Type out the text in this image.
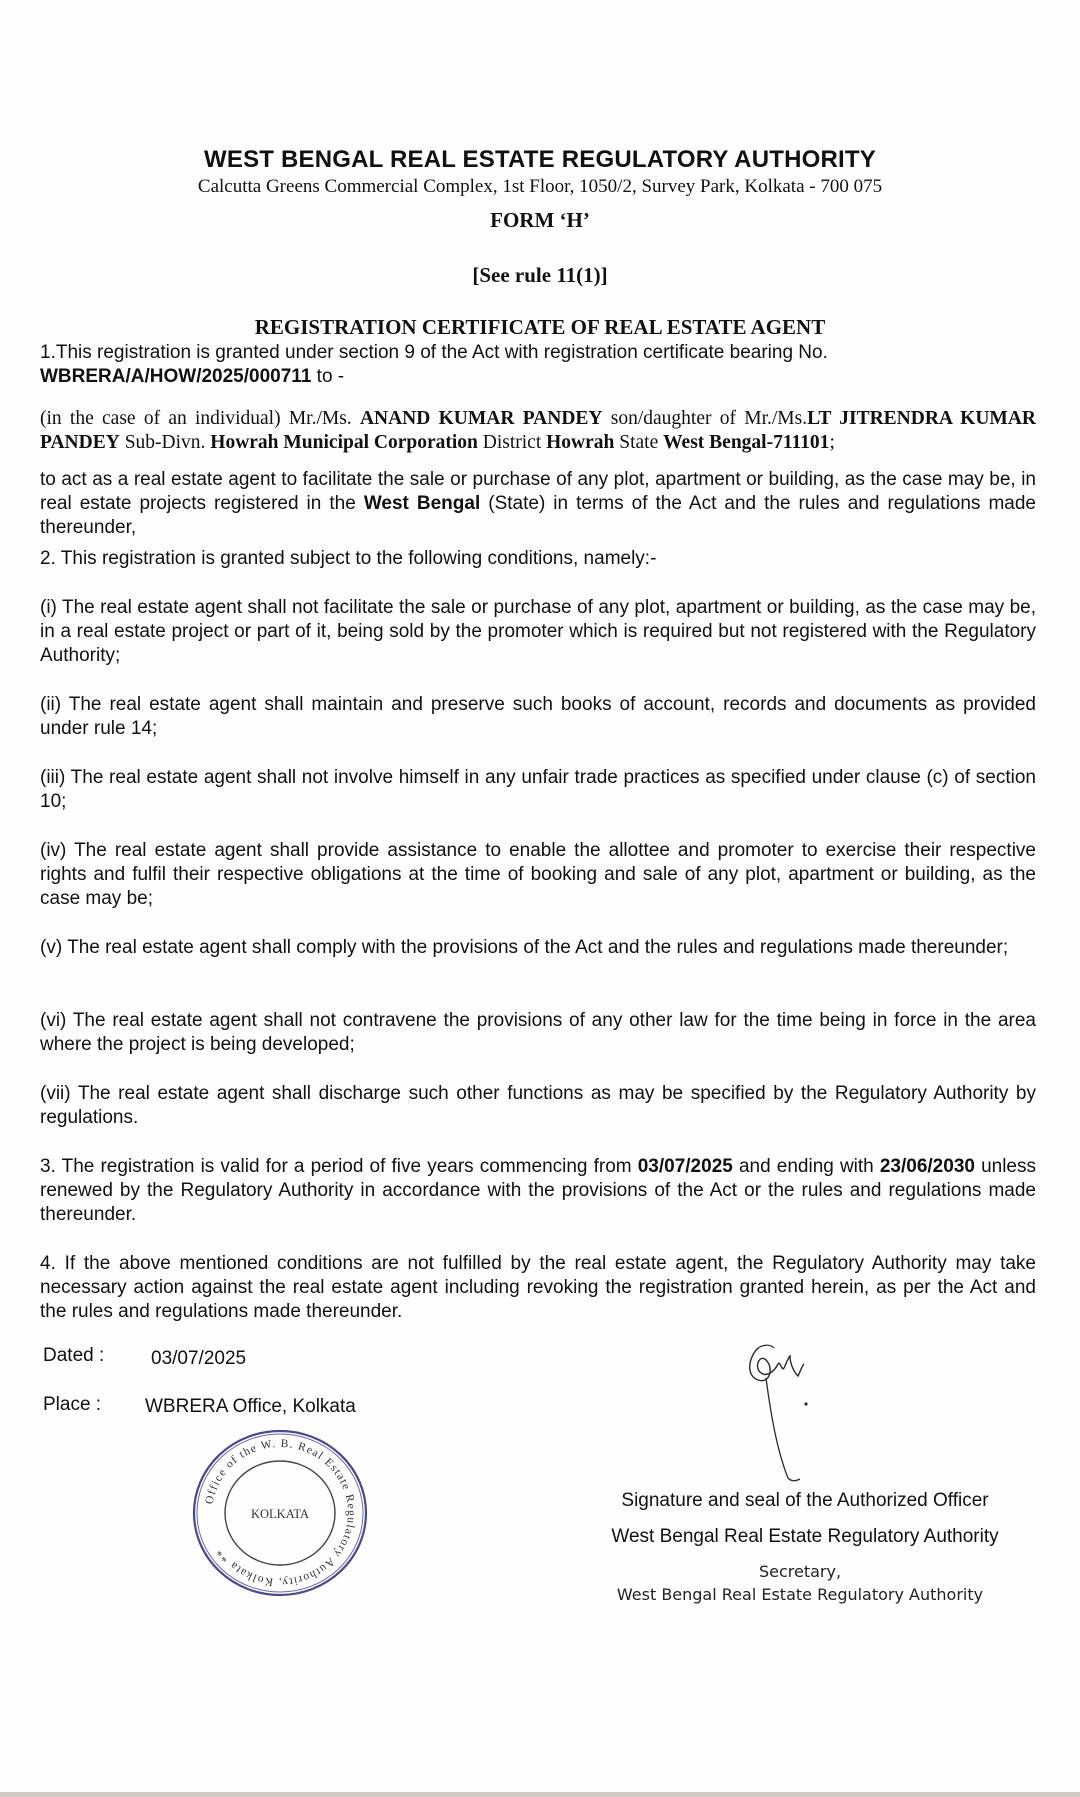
WEST BENGAL REAL ESTATE REGULATORY AUTHORITY
Calcutta Greens Commercial Complex, 1st Floor, 1050/2, Survey Park, Kolkata - 700 075
FORM ‘H’
[See rule 11(1)]
REGISTRATION CERTIFICATE OF REAL ESTATE AGENT
1.This registration is granted under section 9 of the Act with registration certificate bearing No.
WBRERA/A/HOW/2025/000711 to -
(in the case of an individual) Mr./Ms. ANAND KUMAR PANDEY son/daughter of Mr./Ms.LT JITRENDRA KUMAR PANDEY Sub-Divn. Howrah Municipal Corporation District Howrah State West Bengal-711101;
to act as a real estate agent to facilitate the sale or purchase of any plot, apartment or building, as the case may be, in real estate projects registered in the West Bengal (State) in terms of the Act and the rules and regulations made thereunder,
2. This registration is granted subject to the following conditions, namely:-
(i) The real estate agent shall not facilitate the sale or purchase of any plot, apartment or building, as the case may be, in a real estate project or part of it, being sold by the promoter which is required but not registered with the Regulatory Authority;
(ii) The real estate agent shall maintain and preserve such books of account, records and documents as provided under rule 14;
(iii) The real estate agent shall not involve himself in any unfair trade practices as specified under clause (c) of section 10;
(iv) The real estate agent shall provide assistance to enable the allottee and promoter to exercise their respective rights and fulfil their respective obligations at the time of booking and sale of any plot, apartment or building, as the case may be;
(v) The real estate agent shall comply with the provisions of the Act and the rules and regulations made thereunder;
(vi) The real estate agent shall not contravene the provisions of any other law for the time being in force in the area where the project is being developed;
(vii) The real estate agent shall discharge such other functions as may be specified by the Regulatory Authority by regulations.
3. The registration is valid for a period of five years commencing from 03/07/2025 and ending with 23/06/2030 unless renewed by the Regulatory Authority in accordance with the provisions of the Act or the rules and regulations made thereunder.
4. If the above mentioned conditions are not fulfilled by the real estate agent, the Regulatory Authority may take necessary action against the real estate agent including revoking the registration granted herein, as per the Act and the rules and regulations made thereunder.
Dated : 03/07/2025
Place : WBRERA Office, Kolkata
Office of the W. B. Real Estate Regulatory Authority, Kolkata **
KOLKATA
Signature and seal of the Authorized Officer
West Bengal Real Estate Regulatory Authority
Secretary,
West Bengal Real Estate Regulatory Authority
